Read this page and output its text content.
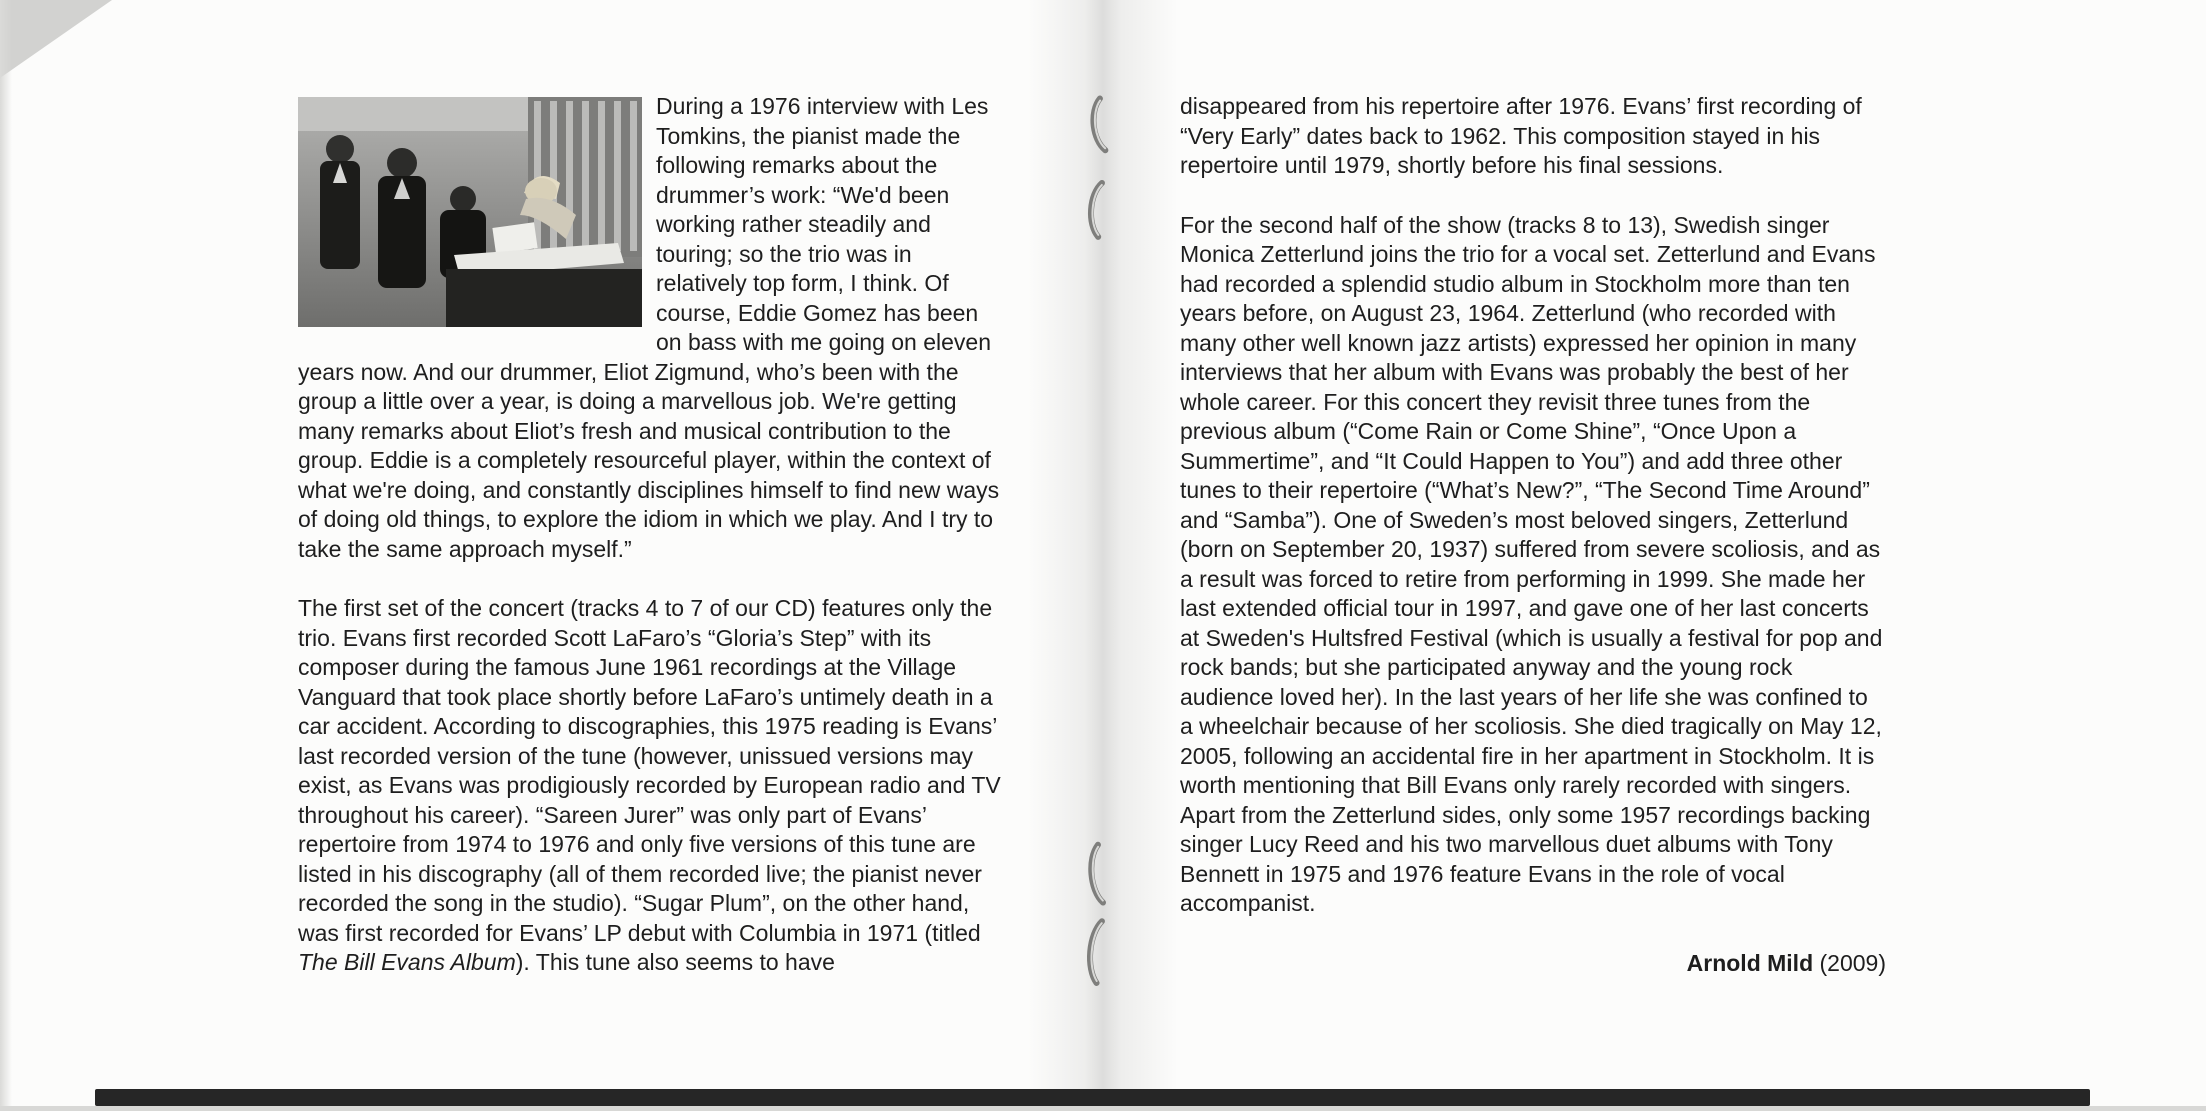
During a 1976 interview with Les Tomkins, the pianist made the following remarks about the drummer’s work: “We'd been working rather steadily and touring; so the trio was in relatively top form, I think. Of course, Eddie Gomez has been on bass with me going on eleven years now. And our drummer, Eliot Zigmund, who’s been with the group a little over a year, is doing a marvellous job. We're getting many remarks about Eliot’s fresh and musical contribution to the group. Eddie is a completely resourceful player, within the context of what we're doing, and constantly disciplines himself to find new ways of doing old things, to explore the idiom in which we play. And I try to take the same approach myself.”

The first set of the concert (tracks 4 to 7 of our CD) features only the trio. Evans first recorded Scott LaFaro’s “Gloria’s Step” with its composer during the famous June 1961 recordings at the Village Vanguard that took place shortly before LaFaro’s untimely death in a car accident. According to discographies, this 1975 reading is Evans’ last recorded version of the tune (however, unissued versions may exist, as Evans was prodigiously recorded by European radio and TV throughout his career). “Sareen Jurer” was only part of Evans’ repertoire from 1974 to 1976 and only five versions of this tune are listed in his discography (all of them recorded live; the pianist never recorded the song in the studio). “Sugar Plum”, on the other hand, was first recorded for Evans’ LP debut with Columbia in 1971 (titled The Bill Evans Album). This tune also seems to have

disappeared from his repertoire after 1976. Evans’ first recording of “Very Early” dates back to 1962. This composition stayed in his repertoire until 1979, shortly before his final sessions.

For the second half of the show (tracks 8 to 13), Swedish singer Monica Zetterlund joins the trio for a vocal set. Zetterlund and Evans had recorded a splendid studio album in Stockholm more than ten years before, on August 23, 1964. Zetterlund (who recorded with many other well known jazz artists) expressed her opinion in many interviews that her album with Evans was probably the best of her whole career. For this concert they revisit three tunes from the previous album (“Come Rain or Come Shine”, “Once Upon a Summertime”, and “It Could Happen to You”) and add three other tunes to their repertoire (“What’s New?”, “The Second Time Around” and “Samba”). One of Sweden’s most beloved singers, Zetterlund (born on September 20, 1937) suffered from severe scoliosis, and as a result was forced to retire from performing in 1999. She made her last extended official tour in 1997, and gave one of her last concerts at Sweden's Hultsfred Festival (which is usually a festival for pop and rock bands; but she participated anyway and the young rock audience loved her). In the last years of her life she was confined to a wheelchair because of her scoliosis. She died tragically on May 12, 2005, following an accidental fire in her apartment in Stockholm. It is worth mentioning that Bill Evans only rarely recorded with singers. Apart from the Zetterlund sides, only some 1957 recordings backing singer Lucy Reed and his two marvellous duet albums with Tony Bennett in 1975 and 1976 feature Evans in the role of vocal accompanist.

Arnold Mild (2009)
